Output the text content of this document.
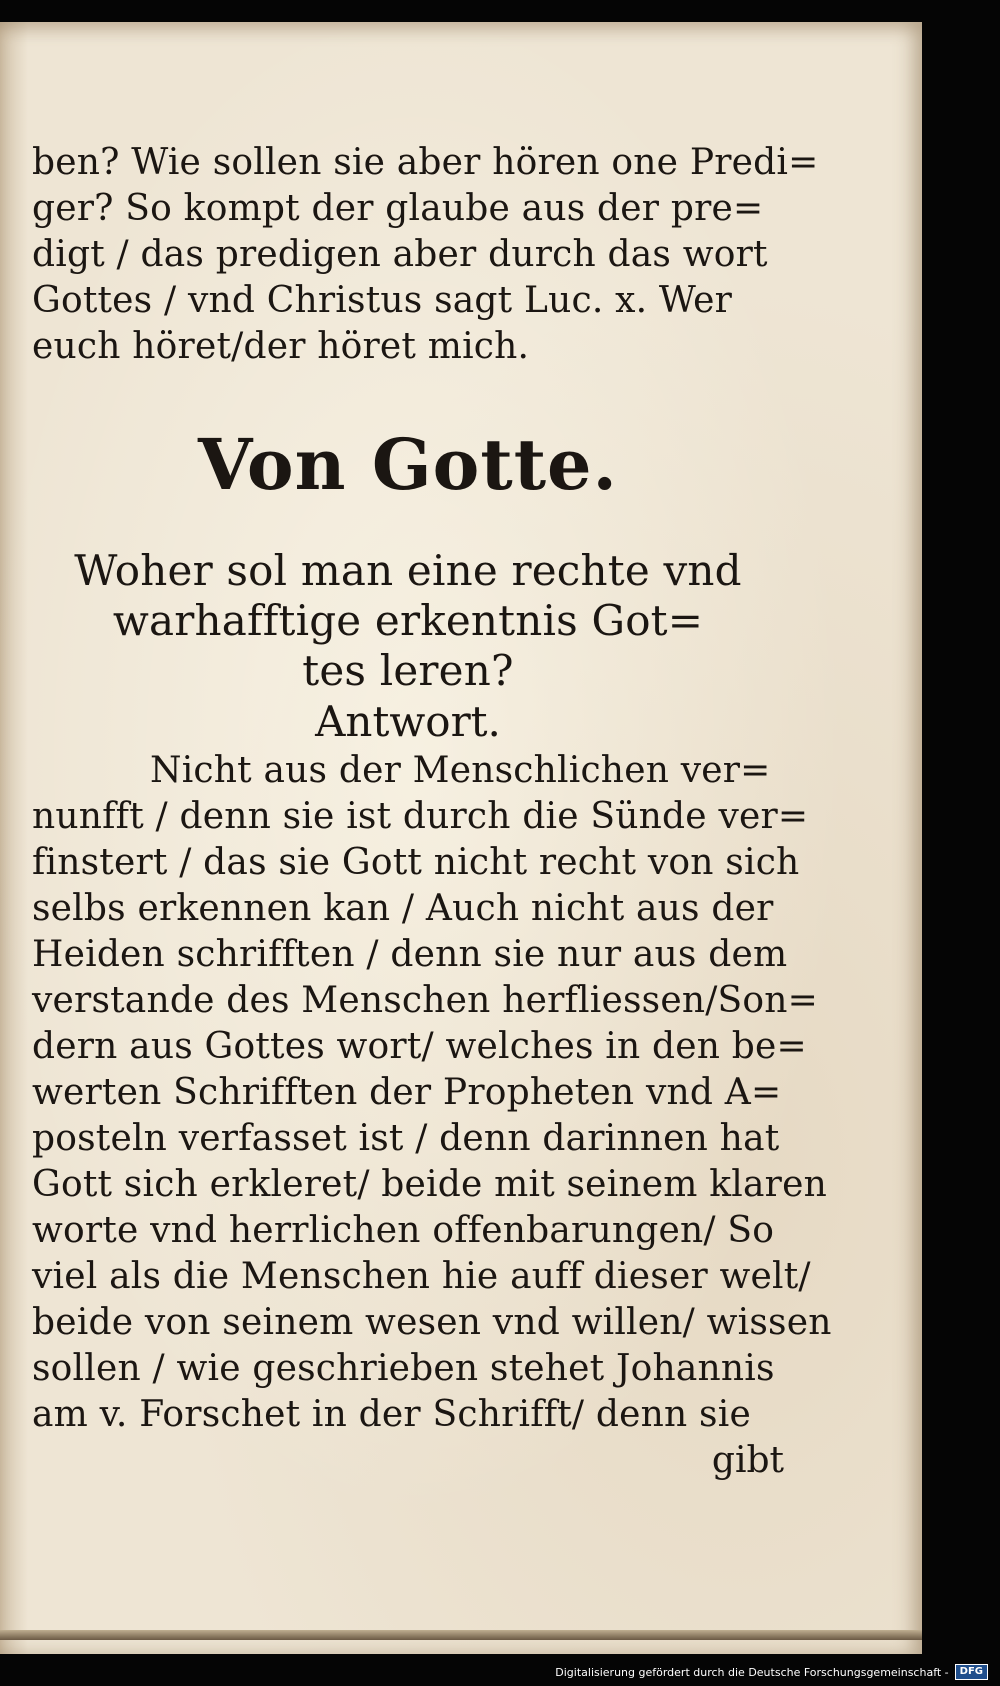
ben? Wie sollen sie aber hören one Predi=
ger? So kompt der glaube aus der pre=
digt / das predigen aber durch das wort
Gottes / vnd Christus sagt Luc. x. Wer
euch höret/der höret mich.
Von Gotte.
Woher sol man eine rechte vnd
warhafftige erkentnis Got=
tes leren?
Antwort.
Nicht aus der Menschlichen ver=
nunfft / denn sie ist durch die Sünde ver=
finstert / das sie Gott nicht recht von sich
selbs erkennen kan / Auch nicht aus der
Heiden schrifften / denn sie nur aus dem
verstande des Menschen herfliessen/Son=
dern aus Gottes wort/ welches in den be=
werten Schrifften der Propheten vnd A=
posteln verfasset ist / denn darinnen hat
Gott sich erkleret/ beide mit seinem klaren
worte vnd herrlichen offenbarungen/ So
viel als die Menschen hie auff dieser welt/
beide von seinem wesen vnd willen/ wissen
sollen / wie geschrieben stehet Johannis
am v. Forschet in der Schrifft/ denn sie
gibt
Digitalisierung gefördert durch die Deutsche Forschungsgemeinschaft -	DFG
